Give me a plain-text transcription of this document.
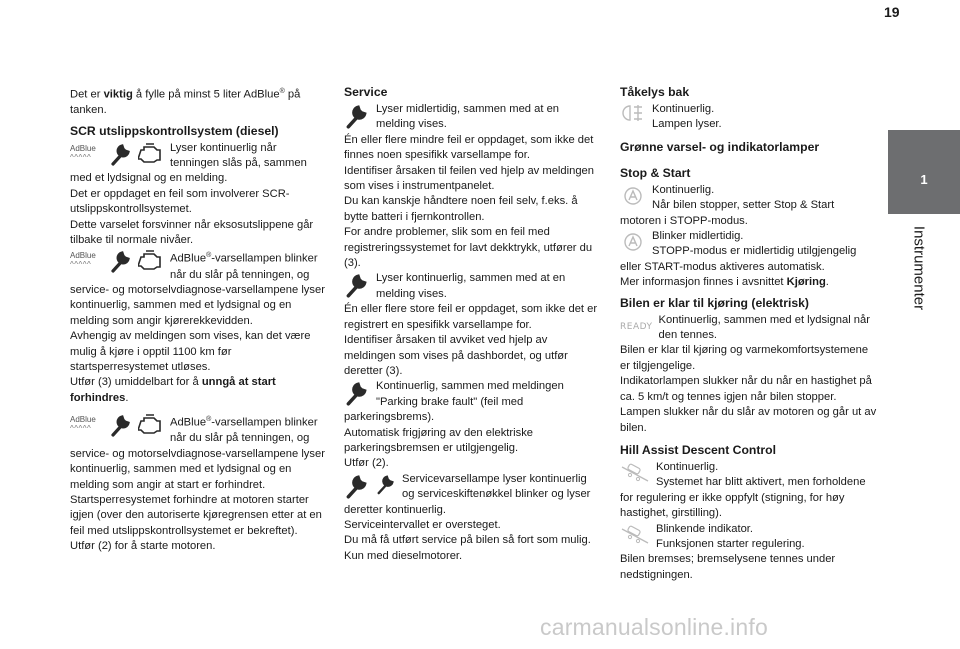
19
1
Instrumenter

Det er viktig å fylle på minst 5 liter AdBlue® på tanken.

SCR utslippskontrollsystem (diesel)
AdBlue
^^^^^
Lyser kontinuerlig når tenningen slås på, sammen med et lydsignal og en melding.
Det er oppdaget en feil som involverer SCR-utslippskontrollsystemet.
Dette varselet forsvinner når eksosutslippene går tilbake til normale nivåer.
AdBlue
^^^^^	AdBlue®-varsellampen blinker når du slår på tenningen, og service- og motorselvdiagnose-varsellampene lyser kontinuerlig, sammen med et lydsignal og en melding som angir kjørerekkevidden.
Avhengig av meldingen som vises, kan det være mulig å kjøre i opptil 1100 km før startsperresystemet utløses.
Utfør (3) umiddelbart for å unngå at start forhindres.
AdBlue
^^^^^	AdBlue®-varsellampen blinker når du slår på tenningen, og service- og motorselvdiagnose-varsellampene lyser kontinuerlig, sammen med et lydsignal og en melding som angir at start er forhindret.
Startsperresystemet forhindre at motoren starter igjen (over den autoriserte kjøregrensen etter at en feil med utslippskontrollsystemet er bekreftet).
Utfør (2) for å starte motoren.
Service
Lyser midlertidig, sammen med at en melding vises.
Én eller flere mindre feil er oppdaget, som ikke det finnes noen spesifikk varsellampe for.
Identifiser årsaken til feilen ved hjelp av meldingen som vises i instrumentpanelet.
Du kan kanskje håndtere noen feil selv, f.eks. å bytte batteri i fjernkontrollen.
For andre problemer, slik som en feil med registreringssystemet for lavt dekktrykk, utfører du (3).
Lyser kontinuerlig, sammen med at en melding vises.
Én eller flere store feil er oppdaget, som ikke det er registrert en spesifikk varsellampe for.
Identifiser årsaken til avviket ved hjelp av meldingen som vises på dashbordet, og utfør deretter (3).
Kontinuerlig, sammen med meldingen "Parking brake fault" (feil med parkeringsbrems).
Automatisk frigjøring av den elektriske parkeringsbremsen er utilgjengelig.
Utfør (2).
Servicevarsellampe lyser kontinuerlig og serviceskiftenøkkel blinker og lyser deretter kontinuerlig.
Serviceintervallet er oversteget.
Du må få utført service på bilen så fort som mulig.
Kun med dieselmotorer.
Tåkelys bak
Kontinuerlig.
Lampen lyser.
Grønne varsel- og indikatorlamper
Stop & Start
Kontinuerlig.
Når bilen stopper, setter Stop & Start motoren i STOPP-modus.
Blinker midlertidig.
STOPP-modus er midlertidig utilgjengelig eller START-modus aktiveres automatisk.
Mer informasjon finnes i avsnittet Kjøring.
Bilen er klar til kjøring (elektrisk)
READY
Kontinuerlig, sammen med et lydsignal når den tennes.
Bilen er klar til kjøring og varmekomfortsystemene er tilgjengelige.
Indikatorlampen slukker når du når en hastighet på ca. 5 km/t og tennes igjen når bilen stopper.
Lampen slukker når du slår av motoren og går ut av bilen.
Hill Assist Descent Control
Kontinuerlig.
Systemet har blitt aktivert, men forholdene for regulering er ikke oppfylt (stigning, for høy hastighet, girstilling).
Blinkende indikator.
Funksjonen starter regulering.
Bilen bremses; bremselysene tennes under nedstigningen.
carmanualsonline.info
